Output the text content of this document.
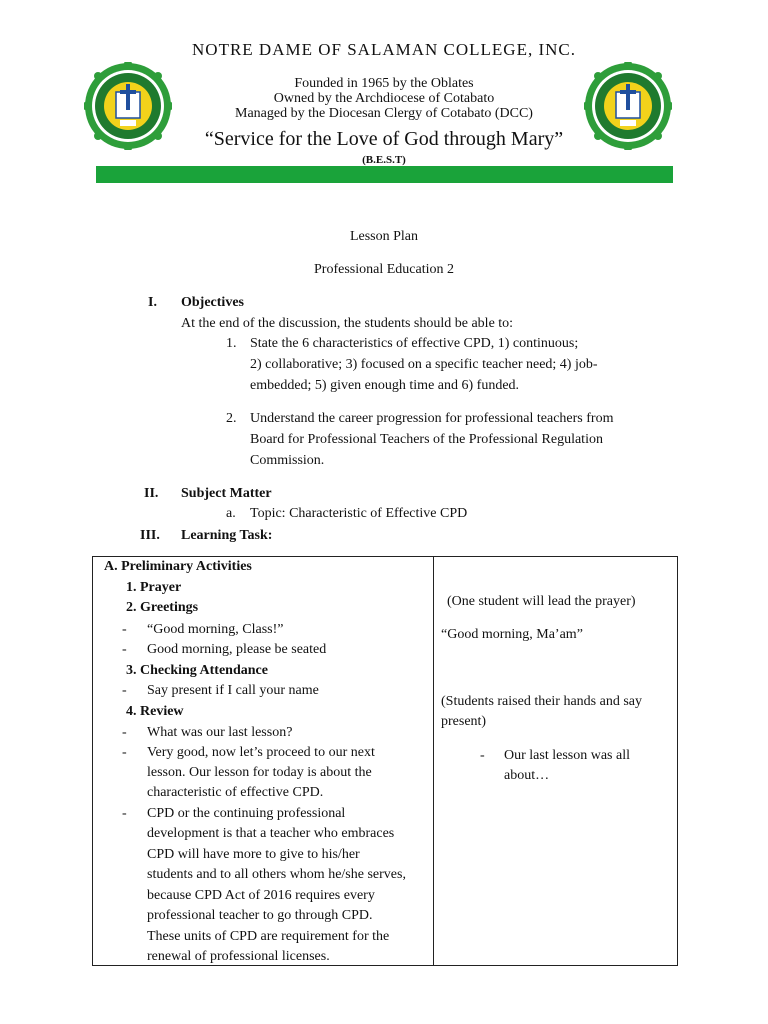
NOTRE DAME OF SALAMAN COLLEGE, INC.
Founded in 1965 by the Oblates
Owned by the Archdiocese of Cotabato
Managed by the Diocesan Clergy of Cotabato (DCC)
“Service for the Love of God through Mary”
(B.E.S.T)
Lesson Plan
Professional Education 2
I. Objectives
At the end of the discussion, the students should be able to:
1. State the 6 characteristics of effective CPD, 1) continuous;
2) collaborative; 3) focused on a specific teacher need; 4) job-
embedded; 5) given enough time and 6) funded.
2. Understand the career progression for professional teachers from
Board for Professional Teachers of the Professional Regulation
Commission.
II. Subject Matter
a. Topic: Characteristic of Effective CPD
III. Learning Task:
A. Preliminary Activities
1. Prayer
2. Greetings
- “Good morning, Class!”
- Good morning, please be seated
3. Checking Attendance
- Say present if I call your name
4. Review
- What was our last lesson?
- Very good, now let’s proceed to our next
lesson. Our lesson for today is about the
characteristic of effective CPD.
- CPD or the continuing professional
development is that a teacher who embraces
CPD will have more to give to his/her
students and to all others whom he/she serves,
because CPD Act of 2016 requires every
professional teacher to go through CPD.
These units of CPD are requirement for the
renewal of professional licenses.
(One student will lead the prayer)
“Good morning, Ma’am”
(Students raised their hands and say
present)
- Our last lesson was all
about…
